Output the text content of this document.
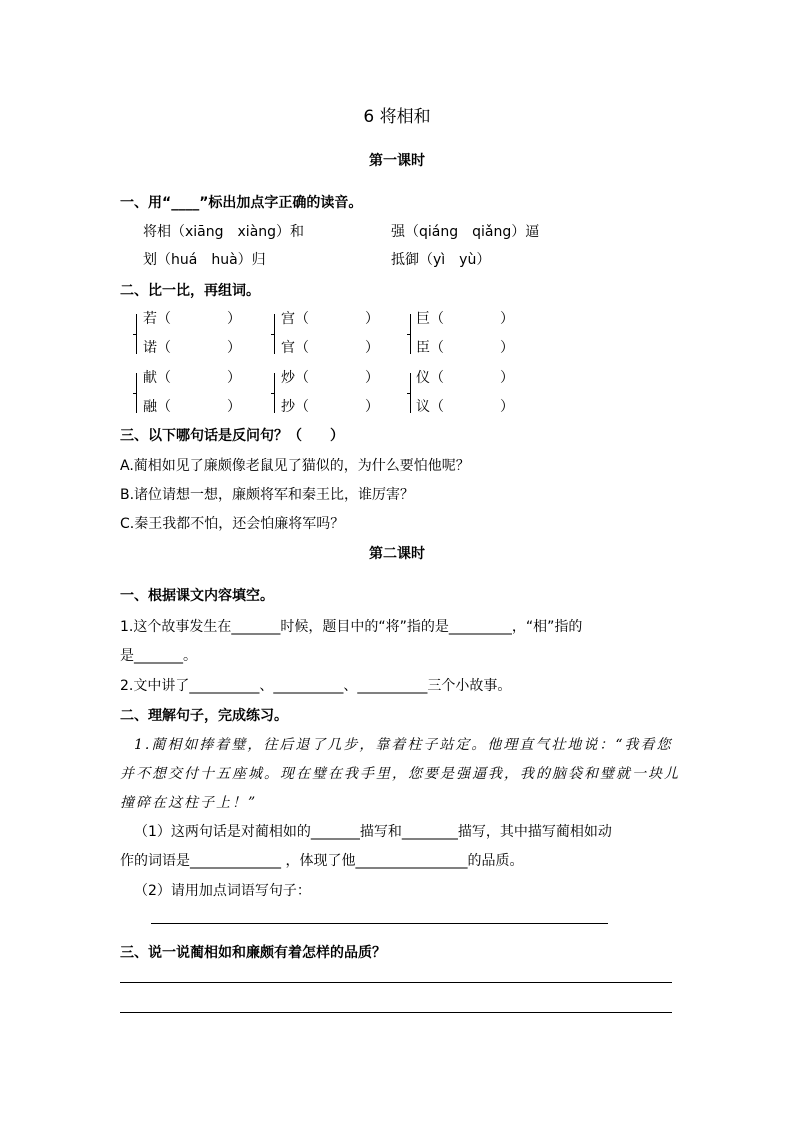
6 将相和
第一课时
一、用“____”标出加点字正确的读音。
将相（xiāng　xiàng）和	强（qiáng　qiǎng）逼
划（huá　huà）归	抵御（yì　yù）
二、比一比，再组词。
若（　　　　）
诺（　　　　）
宫（　　　　）
官（　　　　）
巨（　　　　）
臣（　　　　）
献（　　　　）
融（　　　　）
炒（　　　　）
抄（　　　　）
仪（　　　　）
议（　　　　）
三、以下哪句话是反问句？（　　）
A.蔺相如见了廉颇像老鼠见了猫似的，为什么要怕他呢？
B.诸位请想一想，廉颇将军和秦王比，谁厉害？
C.秦王我都不怕，还会怕廉将军吗？
第二课时
一、根据课文内容填空。
1.这个故事发生在_______时候，题目中的“将”指的是_________，“相”指的
是_______。
2.文中讲了__________、__________、__________三个小故事。
二、理解句子，完成练习。
1.蔺相如捧着璧，往后退了几步，靠着柱子站定。他理直气壮地说：“我看您
并不想交付十五座城。现在璧在我手里，您要是强逼我，我的脑袋和璧就一块儿
撞碎在这柱子上！”
（1）这两句话是对蔺相如的_______描写和________描写，其中描写蔺相如动
作的词语是_____________ ，体现了他________________的品质。
（2）请用加点词语写句子：
三、说一说蔺相如和廉颇有着怎样的品质？
